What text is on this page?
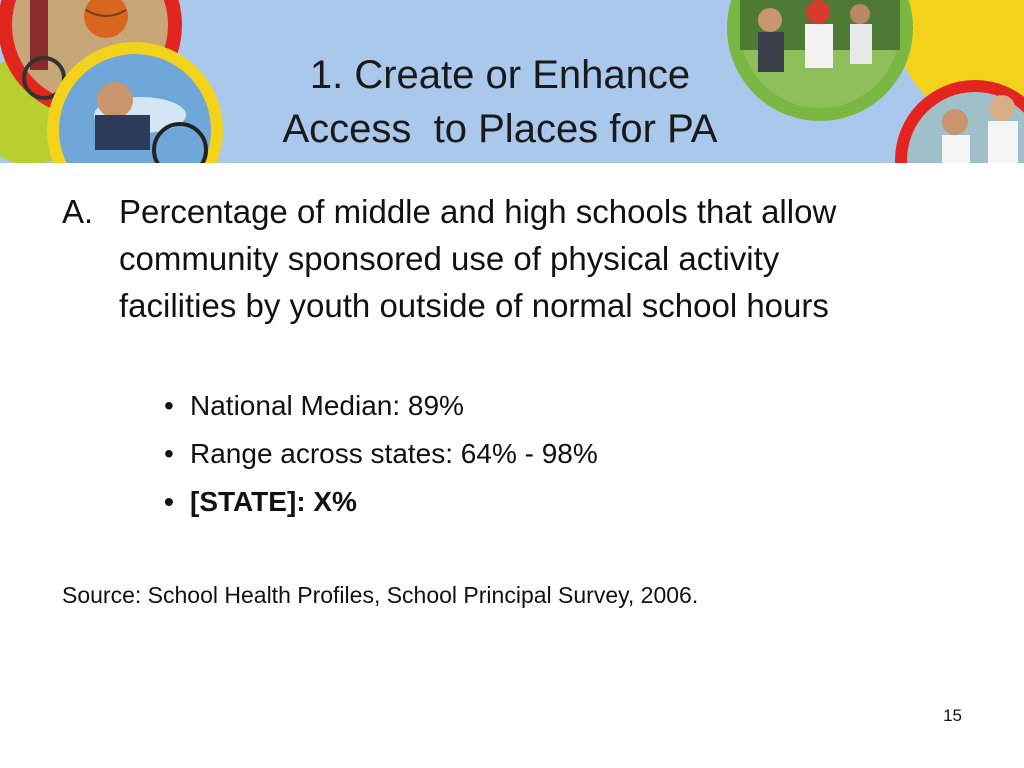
1. Create or Enhance
Access  to Places for PA
A. Percentage of middle and high schools that allow community sponsored use of physical activity facilities by youth outside of normal school hours
• National Median: 89%
• Range across states: 64% - 98%
• [STATE]: X%
Source: School Health Profiles, School Principal Survey, 2006.
15
